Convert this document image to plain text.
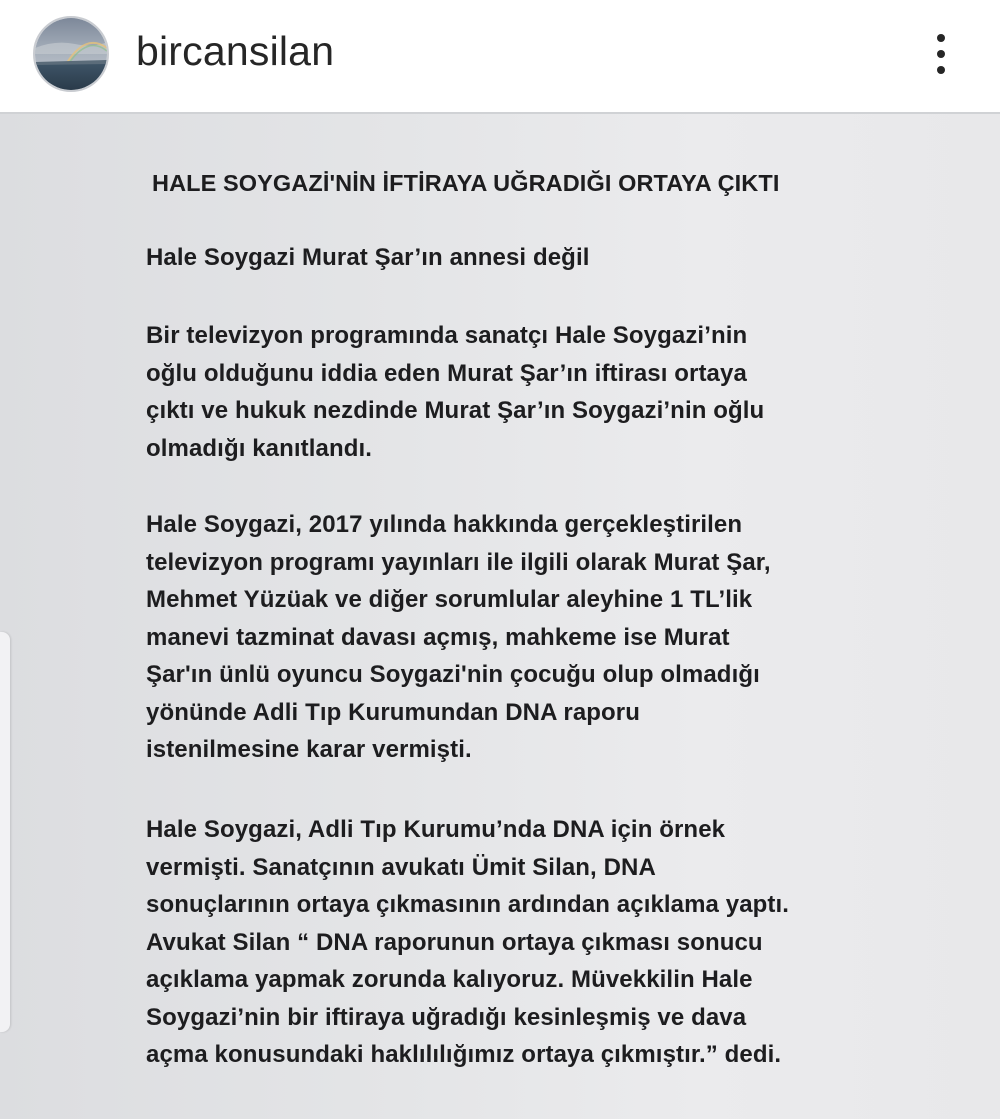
bircansilan
HALE SOYGAZİ'NİN İFTİRAYA UĞRADIĞI ORTAYA ÇIKTI
Hale Soygazi Murat Şar’ın annesi değil
Bir televizyon programında sanatçı Hale Soygazi’nin
oğlu olduğunu iddia eden Murat Şar’ın iftirası ortaya
çıktı ve hukuk nezdinde Murat Şar’ın Soygazi’nin oğlu
olmadığı kanıtlandı.
Hale Soygazi, 2017 yılında hakkında gerçekleştirilen
televizyon programı yayınları ile ilgili olarak Murat Şar,
Mehmet Yüzüak ve diğer sorumlular aleyhine 1 TL’lik
manevi tazminat davası açmış, mahkeme ise Murat
Şar'ın ünlü oyuncu Soygazi'nin çocuğu olup olmadığı
yönünde Adli Tıp Kurumundan DNA raporu
istenilmesine karar vermişti.
Hale Soygazi, Adli Tıp Kurumu’nda DNA için örnek
vermişti. Sanatçının avukatı Ümit Silan, DNA
sonuçlarının ortaya çıkmasının ardından açıklama yaptı.
Avukat Silan “ DNA raporunun ortaya çıkması sonucu
açıklama yapmak zorunda kalıyoruz. Müvekkilin Hale
Soygazi’nin bir iftiraya uğradığı kesinleşmiş ve dava
açma konusundaki haklılılığımız ortaya çıkmıştır.” dedi.
